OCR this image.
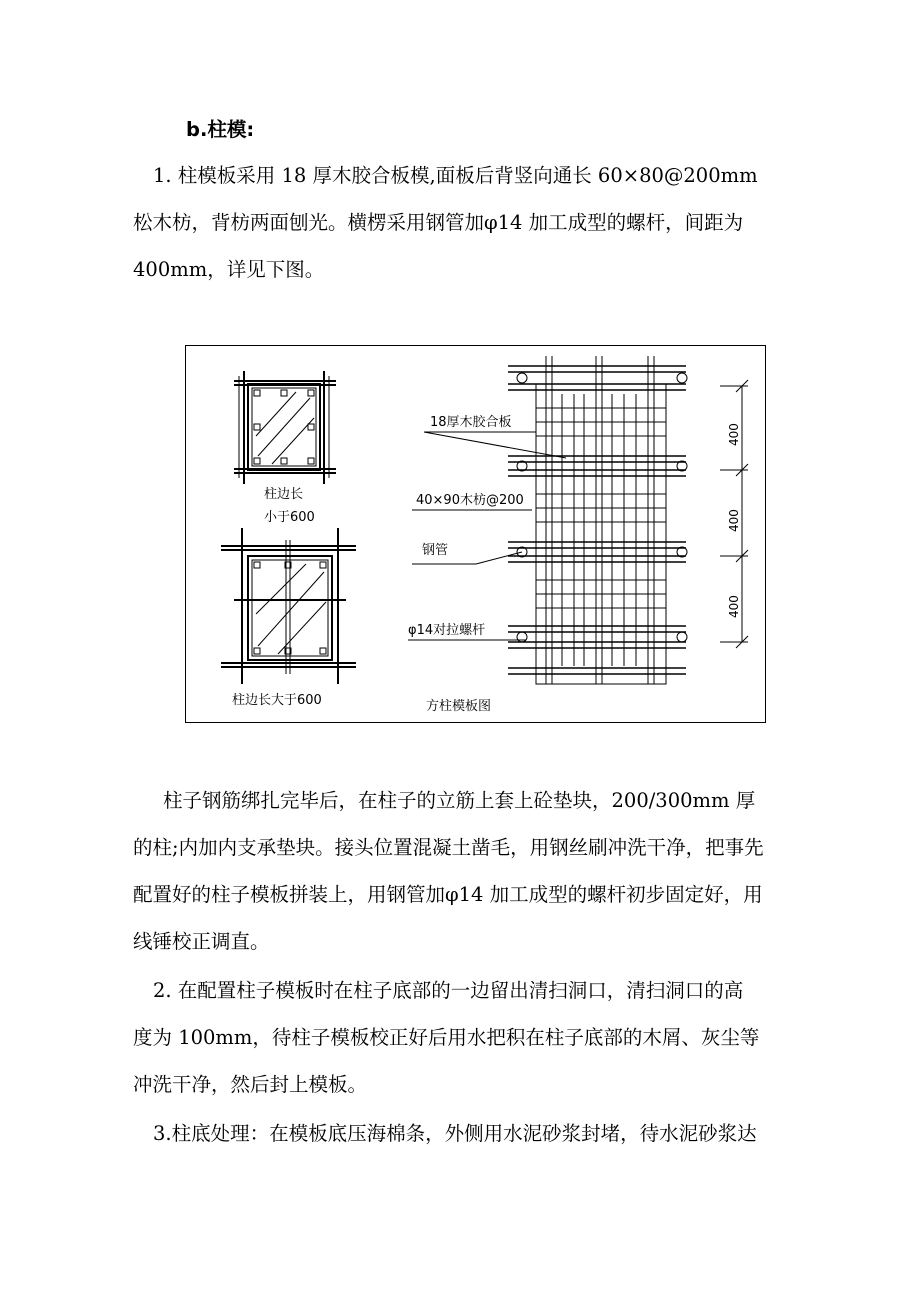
b.柱模:
1. 柱模板采用 18 厚木胶合板模,面板后背竖向通长 60×80@200mm
松木枋，背枋两面刨光。横楞采用钢管加φ14 加工成型的螺杆，间距为
400mm，详见下图。
柱边长
小于600
柱边长大于600
18厚木胶合板
40×90木枋@200
钢管
φ14对拉螺杆
方柱模板图
400
400
400
柱子钢筋绑扎完毕后，在柱子的立筋上套上砼垫块，200/300mm 厚
的柱;内加内支承垫块。接头位置混凝土凿毛，用钢丝刷冲洗干净，把事先
配置好的柱子模板拼装上，用钢管加φ14 加工成型的螺杆初步固定好，用
线锤校正调直。
2. 在配置柱子模板时在柱子底部的一边留出清扫洞口，清扫洞口的高
度为 100mm，待柱子模板校正好后用水把积在柱子底部的木屑、灰尘等
冲洗干净，然后封上模板。
3.柱底处理：在模板底压海棉条，外侧用水泥砂浆封堵，待水泥砂浆达
